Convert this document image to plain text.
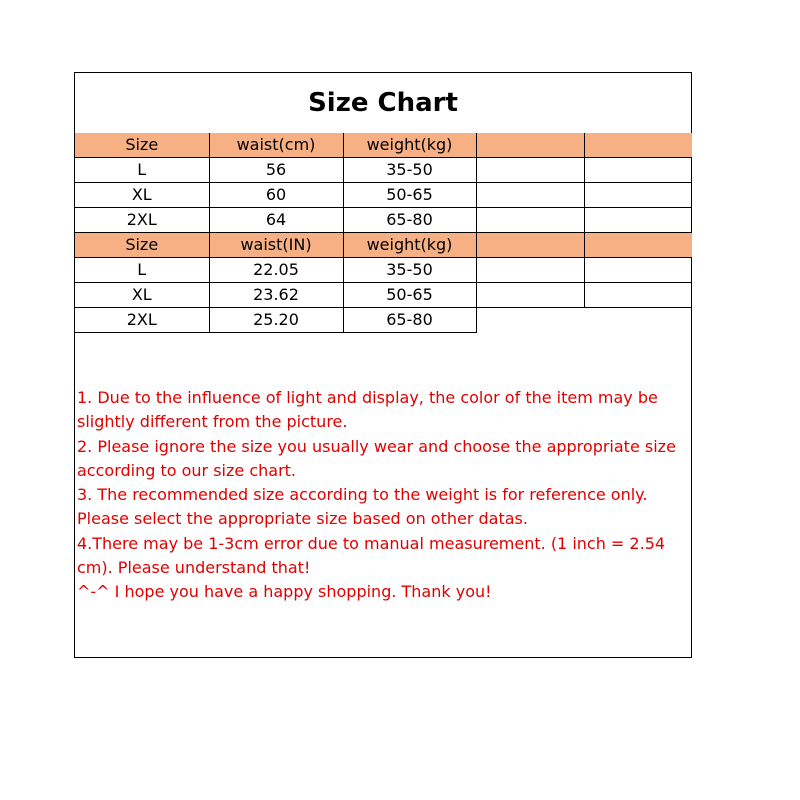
Size Chart
Size	waist(cm)	weight(kg)		
L	56	35-50		
XL	60	50-65		
2XL	64	65-80		
Size	waist(IN)	weight(kg)		
L	22.05	35-50		
XL	23.62	50-65		
2XL	25.20	65-80		

1. Due to the influence of light and display, the color of the item may be slightly different from the picture.

2. Please ignore the size you usually wear and choose the appropriate size according to our size chart.

3. The recommended size according to the weight is for reference only. Please select the appropriate size based on other datas.

4.There may be 1-3cm error due to manual measurement. (1 inch = 2.54 cm). Please understand that!

^-^ I hope you have a happy shopping. Thank you!
